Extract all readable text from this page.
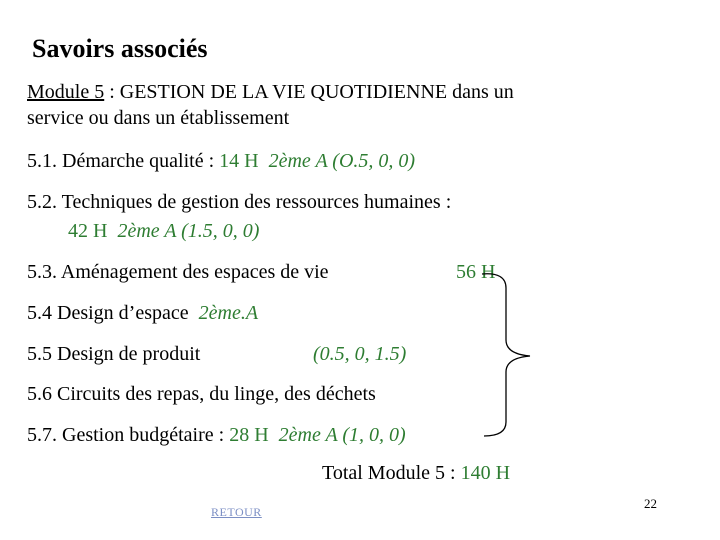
Savoirs associés
Module 5 : GESTION DE LA VIE QUOTIDIENNE dans un
service ou dans un établissement
5.1. Démarche qualité : 14 H 2ème A (O.5, 0, 0)
5.2. Techniques de gestion des ressources humaines :
42 H 2ème A (1.5, 0, 0)
5.3. Aménagement des espaces de vie	56 H
5.4 Design d’espace  2ème.A
5.5 Design de produit	(0.5, 0, 1.5)
5.6 Circuits des repas, du linge, des déchets
5.7. Gestion budgétaire : 28 H 2ème A (1, 0, 0)
Total Module 5 : 140 H
RETOUR
22
